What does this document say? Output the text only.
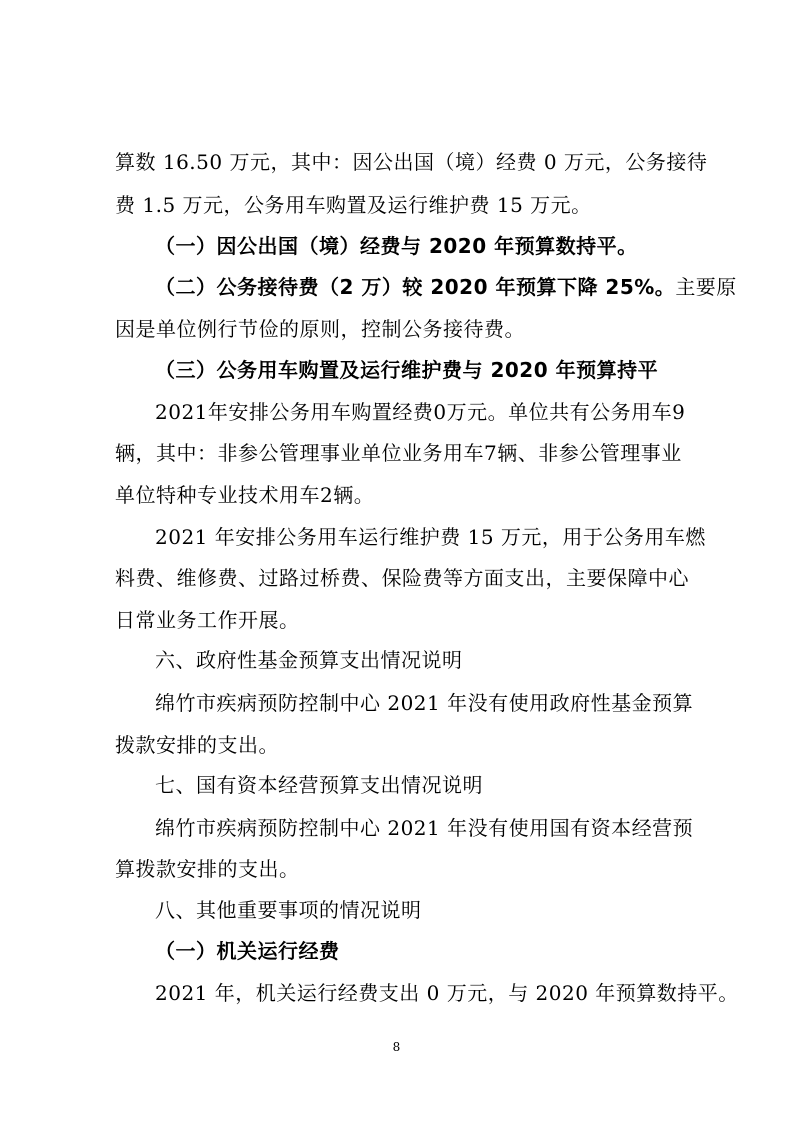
算数 16.50 万元，其中：因公出国（境）经费 0 万元，公务接待
费 1.5 万元，公务用车购置及运行维护费 15 万元。
（一）因公出国（境）经费与 2020 年预算数持平。
（二）公务接待费（2 万）较 2020 年预算下降 25%。主要原
因是单位例行节俭的原则，控制公务接待费。
（三）公务用车购置及运行维护费与 2020 年预算持平
2021年安排公务用车购置经费0万元。单位共有公务用车9
辆，其中：非参公管理事业单位业务用车7辆、非参公管理事业
单位特种专业技术用车2辆。
2021 年安排公务用车运行维护费 15 万元，用于公务用车燃
料费、维修费、过路过桥费、保险费等方面支出，主要保障中心
日常业务工作开展。
六、政府性基金预算支出情况说明
绵竹市疾病预防控制中心 2021 年没有使用政府性基金预算
拨款安排的支出。
七、国有资本经营预算支出情况说明
绵竹市疾病预防控制中心 2021 年没有使用国有资本经营预
算拨款安排的支出。
八、其他重要事项的情况说明
（一）机关运行经费
2021 年，机关运行经费支出 0 万元，与 2020 年预算数持平。
8
